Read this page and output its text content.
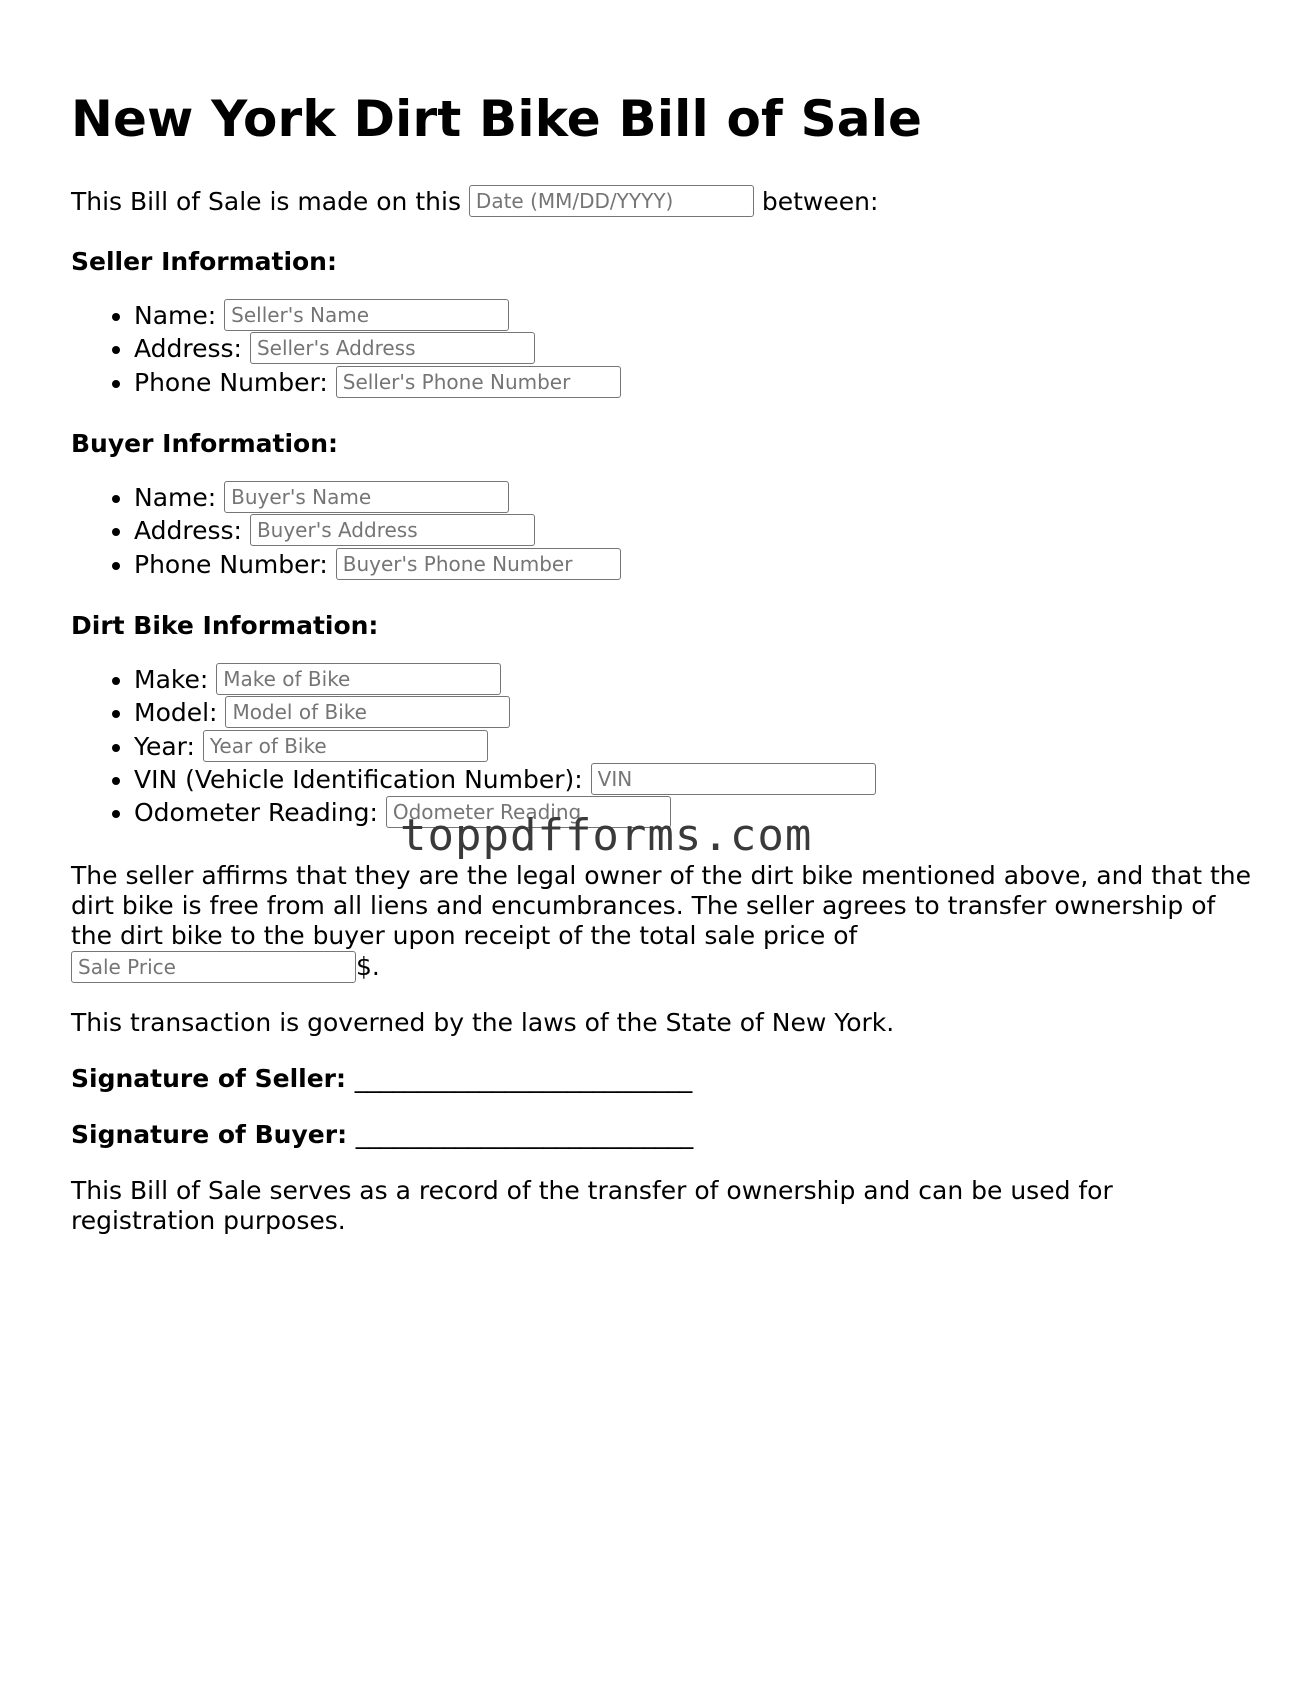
New York Dirt Bike Bill of Sale
This Bill of Sale is made on this Date (MM/DD/YYYY)	between:
Seller Information:
• Name: Seller's Name
• Address: Seller's Address
• Phone Number: Seller's Phone Number
Buyer Information:
• Name: Buyer's Name
• Address: Buyer's Address
• Phone Number: Buyer's Phone Number
Dirt Bike Information:
• Make: Make of Bike
• Model: Model of Bike
• Year: Year of Bike
• VIN (Vehicle Identification Number): VIN
• Odometer Reading: Odometer Reading

The seller affirms that they are the legal owner of the dirt bike mentioned above, and that the dirt bike is free from all liens and encumbrances. The seller agrees to transfer ownership of the dirt bike to the buyer upon receipt of the total sale price of
Sale Price$.

This transaction is governed by the laws of the State of New York.

Signature of Seller: ___________________________
Signature of Buyer: ___________________________

This Bill of Sale serves as a record of the transfer of ownership and can be used for registration purposes.

toppdfforms.com
